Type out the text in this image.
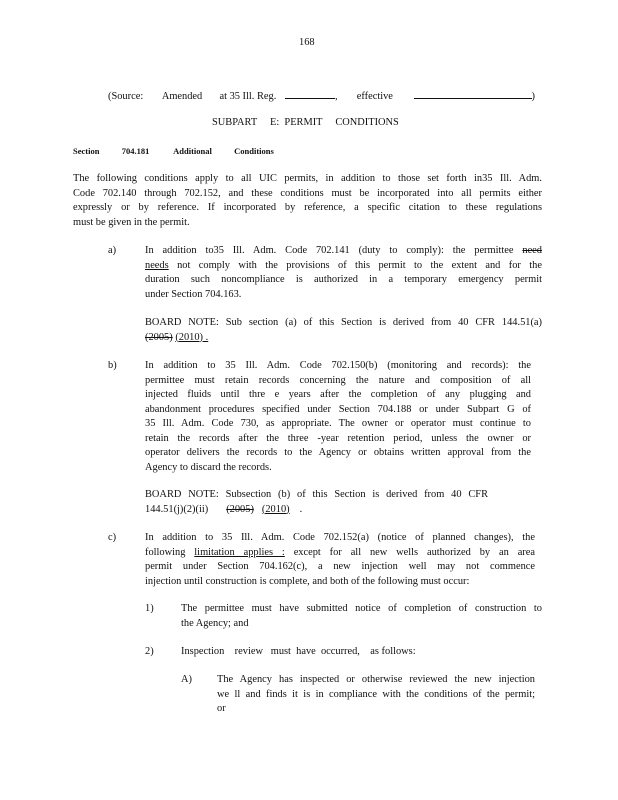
168
(Source: Amended at 35 Ill. Reg.	, effective	)
SUBPART     E:  PERMIT     CONDITIONS
Section	704.181	Additional	Conditions
The following conditions apply to all UIC permits, in addition to those set forth in35 Ill. Adm.
Code 702.140 through 702.152, and these conditions must be incorporated into all permits either
expressly or by reference. If incorporated by reference, a specific citation to these regulations
must be given in the permit.
a)	In addition to35 Ill. Adm. Code 702.141 (duty to comply): the permittee need
needs not comply with the provisions of this permit to the extent and for the
duration such noncompliance is authorized in a temporary emergency permit
under Section 704.163.
BOARD NOTE: Sub section (a) of this Section is derived from 40 CFR 144.51(a)
(2005) (2010) .
b)	In addition to 35 Ill. Adm. Code 702.150(b) (monitoring and records): the
permittee must retain records concerning the nature and composition of all
injected fluids until thre e years after the completion of any plugging and
abandonment procedures specified under Section 704.188 or under Subpart G of
35 Ill. Adm. Code 730, as appropriate. The owner or operator must continue to
retain the records after the three -year retention period, unless the owner or
operator delivers the records to the Agency or obtains written approval from the
Agency to discard the records.
BOARD NOTE: Subsection (b) of this Section is derived from 40 CFR
144.51(j)(2)(ii) (2005) (2010) .
c)	In addition to 35 Ill. Adm. Code 702.152(a) (notice of planned changes), the
following limitation applies : except for all new wells authorized by an area
permit under Section 704.162(c), a new injection well may not commence
injection until construction is complete, and both of the following must occur:
1)	The permittee must have submitted notice of completion of construction to
the Agency; and
2)	Inspection    review   must  have  occurred,    as follows:
A) The Agency has inspected or otherwise reviewed the new injection
we ll and finds it is in compliance with the conditions of the permit;
or
